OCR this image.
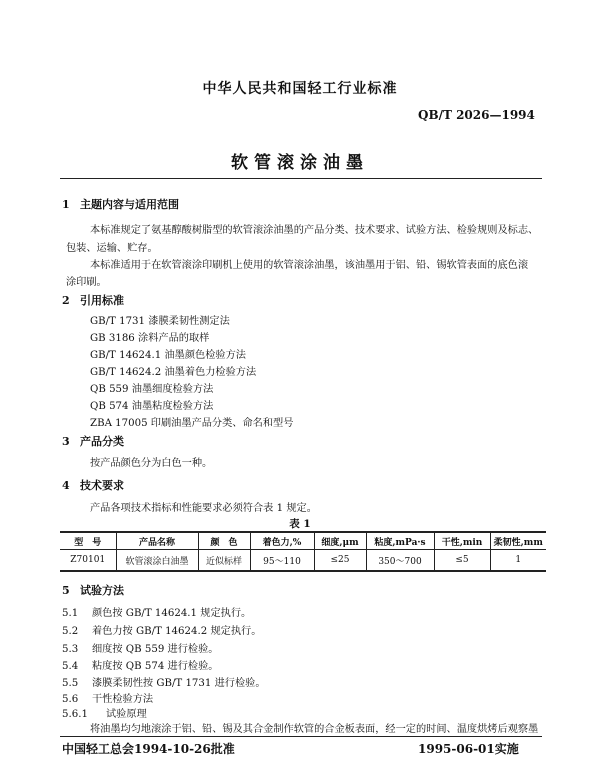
中华人民共和国轻工行业标准
QB/T 2026—1994
软管滚涂油墨
1 主题内容与适用范围
本标准规定了氨基醇酸树脂型的软管滚涂油墨的产品分类、技术要求、试验方法、检验规则及标志、
包装、运输、贮存。
本标准适用于在软管滚涂印刷机上使用的软管滚涂油墨，该油墨用于铝、铅、锡软管表面的底色滚
涂印刷。
2 引用标准
GB/T 1731 漆膜柔韧性测定法
GB 3186 涂料产品的取样
GB/T 14624.1 油墨颜色检验方法
GB/T 14624.2 油墨着色力检验方法
QB 559 油墨细度检验方法
QB 574 油墨粘度检验方法
ZBA 17005 印刷油墨产品分类、命名和型号
3 产品分类
按产品颜色分为白色一种。
4 技术要求
产品各项技术指标和性能要求必须符合表 1 规定。
表 1
型　号	产品名称	颜　色	着色力,%	细度,μm	粘度,mPa·s	干性,min	柔韧性,mm
Z70101	软管滚涂白油墨	近似标样	95～110	≤25	350～700	≤5	1
5 试验方法
5.1 颜色按 GB/T 14624.1 规定执行。
5.2 着色力按 GB/T 14624.2 规定执行。
5.3 细度按 QB 559 进行检验。
5.4 粘度按 QB 574 进行检验。
5.5 漆膜柔韧性按 GB/T 1731 进行检验。
5.6 干性检验方法
5.6.1 试验原理
将油墨均匀地滚涂于铝、铅、锡及其合金制作软管的合金板表面，经一定的时间、温度烘烤后观察墨
中国轻工总会1994-10-26批准	1995-06-01实施
